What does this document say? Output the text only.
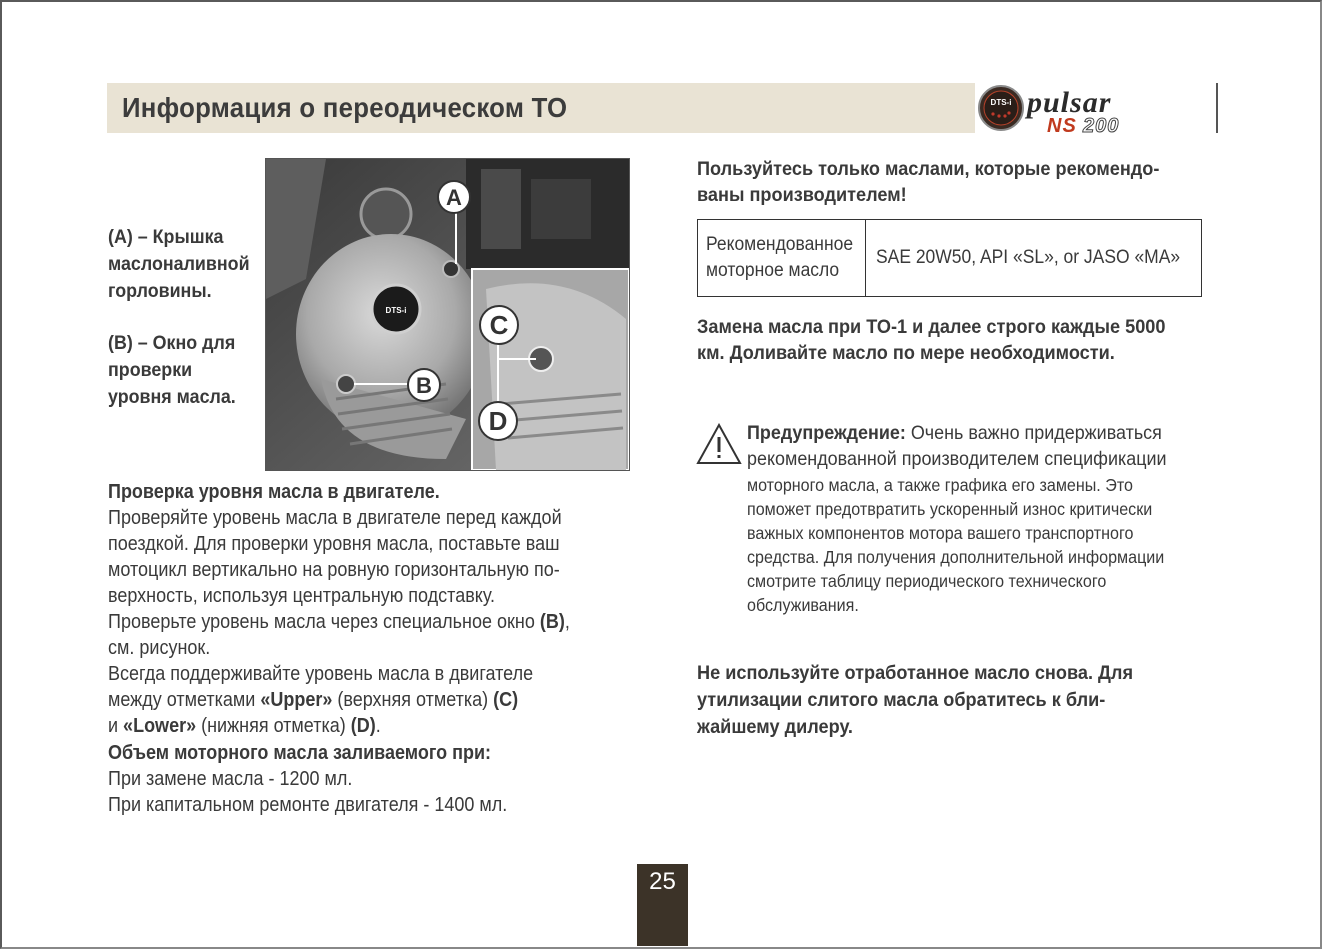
Информация о переодическом ТО	DTS-i pulsar
NS 200
(A) – Крышка
маслоналивной
горловины.
(B) – Окно для
проверки
уровня масла.
DTS-i
A
B
C
D
Проверка уровня масла в двигателе.
Проверяйте уровень масла в двигателе перед каждой
поездкой. Для проверки уровня масла, поставьте ваш
мотоцикл вертикально на ровную горизонтальную по-
верхность, используя центральную подставку.
Проверьте уровень масла через специальное окно (B),
см. рисунок.
Всегда поддерживайте уровень масла в двигателе
между отметками «Upper» (верхняя отметка) (C)
и «Lower» (нижняя отметка) (D).
Объем моторного масла заливаемого при:
При замене масла - 1200 мл.
При капитальном ремонте двигателя - 1400 мл.
Пользуйтесь только маслами, которые рекомендо-
ваны производителем!
Рекомендованное
моторное масло
SAE 20W50, API «SL», or JASO «MA»
Замена масла при ТО-1 и далее строго каждые 5000
км. Доливайте масло по мере необходимости.
Предупреждение: Очень важно придерживаться
рекомендованной производителем спецификации
моторного масла, а также графика его замены. Это
поможет предотвратить ускоренный износ критически
важных компонентов мотора вашего транспортного
средства. Для получения дополнительной информации
смотрите таблицу периодического технического
обслуживания.
Не используйте отработанное масло снова. Для
утилизации слитого масла обратитесь к бли-
жайшему дилеру.
25
